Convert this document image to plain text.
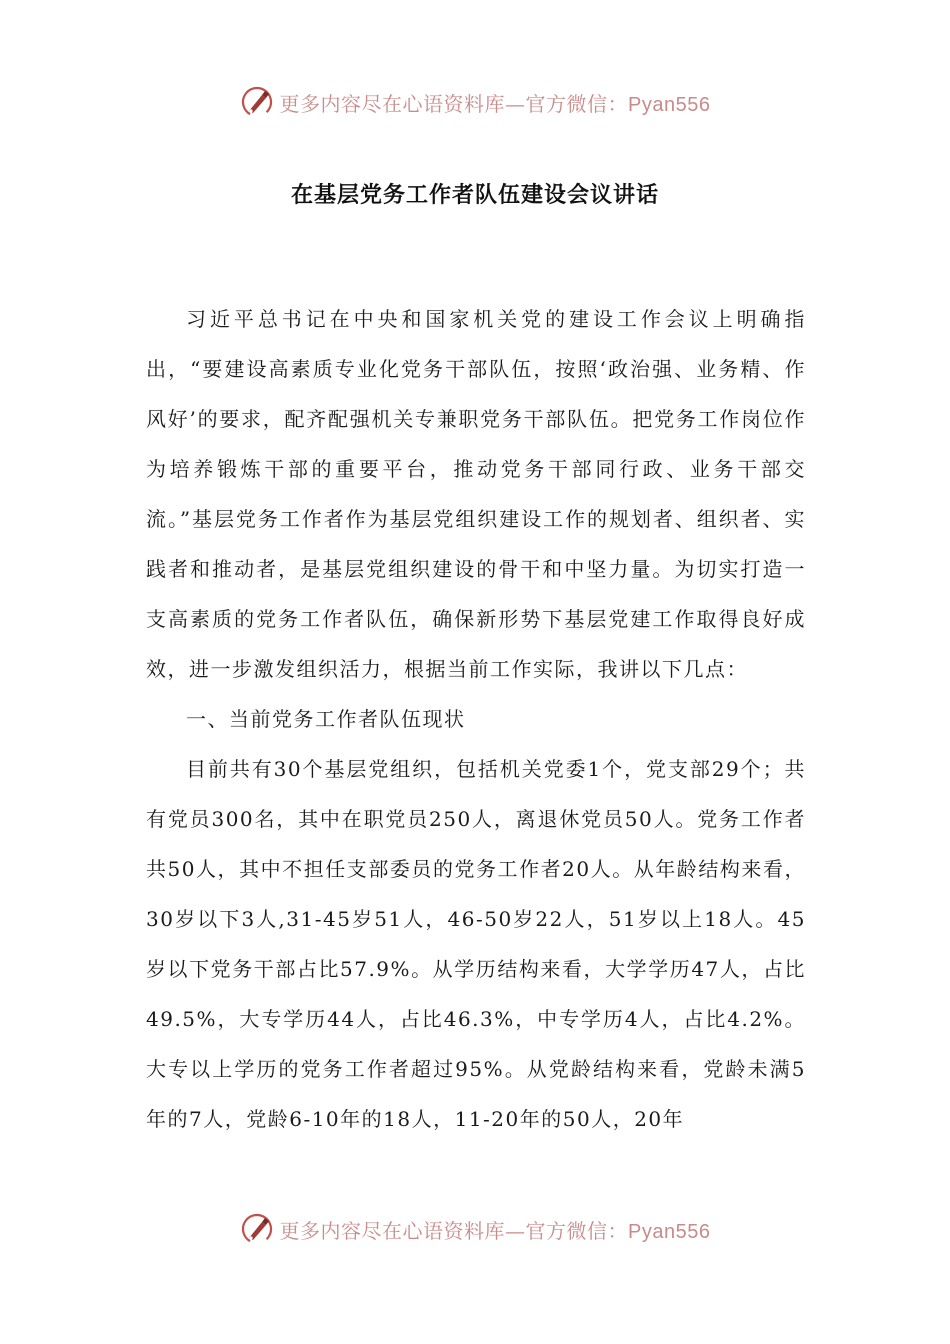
更多内容尽在心语资料库—官方微信：Pyan556
在基层党务工作者队伍建设会议讲话

习近平总书记在中央和国家机关党的建设工作会议上明确指出，“要建设高素质专业化党务干部队伍，按照‘政治强、业务精、作风好’的要求，配齐配强机关专兼职党务干部队伍。把党务工作岗位作为培养锻炼干部的重要平台，推动党务干部同行政、业务干部交流。”基层党务工作者作为基层党组织建设工作的规划者、组织者、实践者和推动者，是基层党组织建设的骨干和中坚力量。为切实打造一支高素质的党务工作者队伍，确保新形势下基层党建工作取得良好成效，进一步激发组织活力，根据当前工作实际，我讲以下几点：

一、当前党务工作者队伍现状

目前共有30个基层党组织，包括机关党委1个，党支部29个；共有党员300名，其中在职党员250人，离退休党员50人。党务工作者共50人，其中不担任支部委员的党务工作者20人。从年龄结构来看，30岁以下3人,31-45岁51人，46-50岁22人，51岁以上18人。45岁以下党务干部占比57.9%。从学历结构来看，大学学历47人，占比49.5%，大专学历44人，占比46.3%，中专学历4人，占比4.2%。大专以上学历的党务工作者超过95%。从党龄结构来看，党龄未满5年的7人，党龄6-10年的18人，11-20年的50人，20年

更多内容尽在心语资料库—官方微信：Pyan556
